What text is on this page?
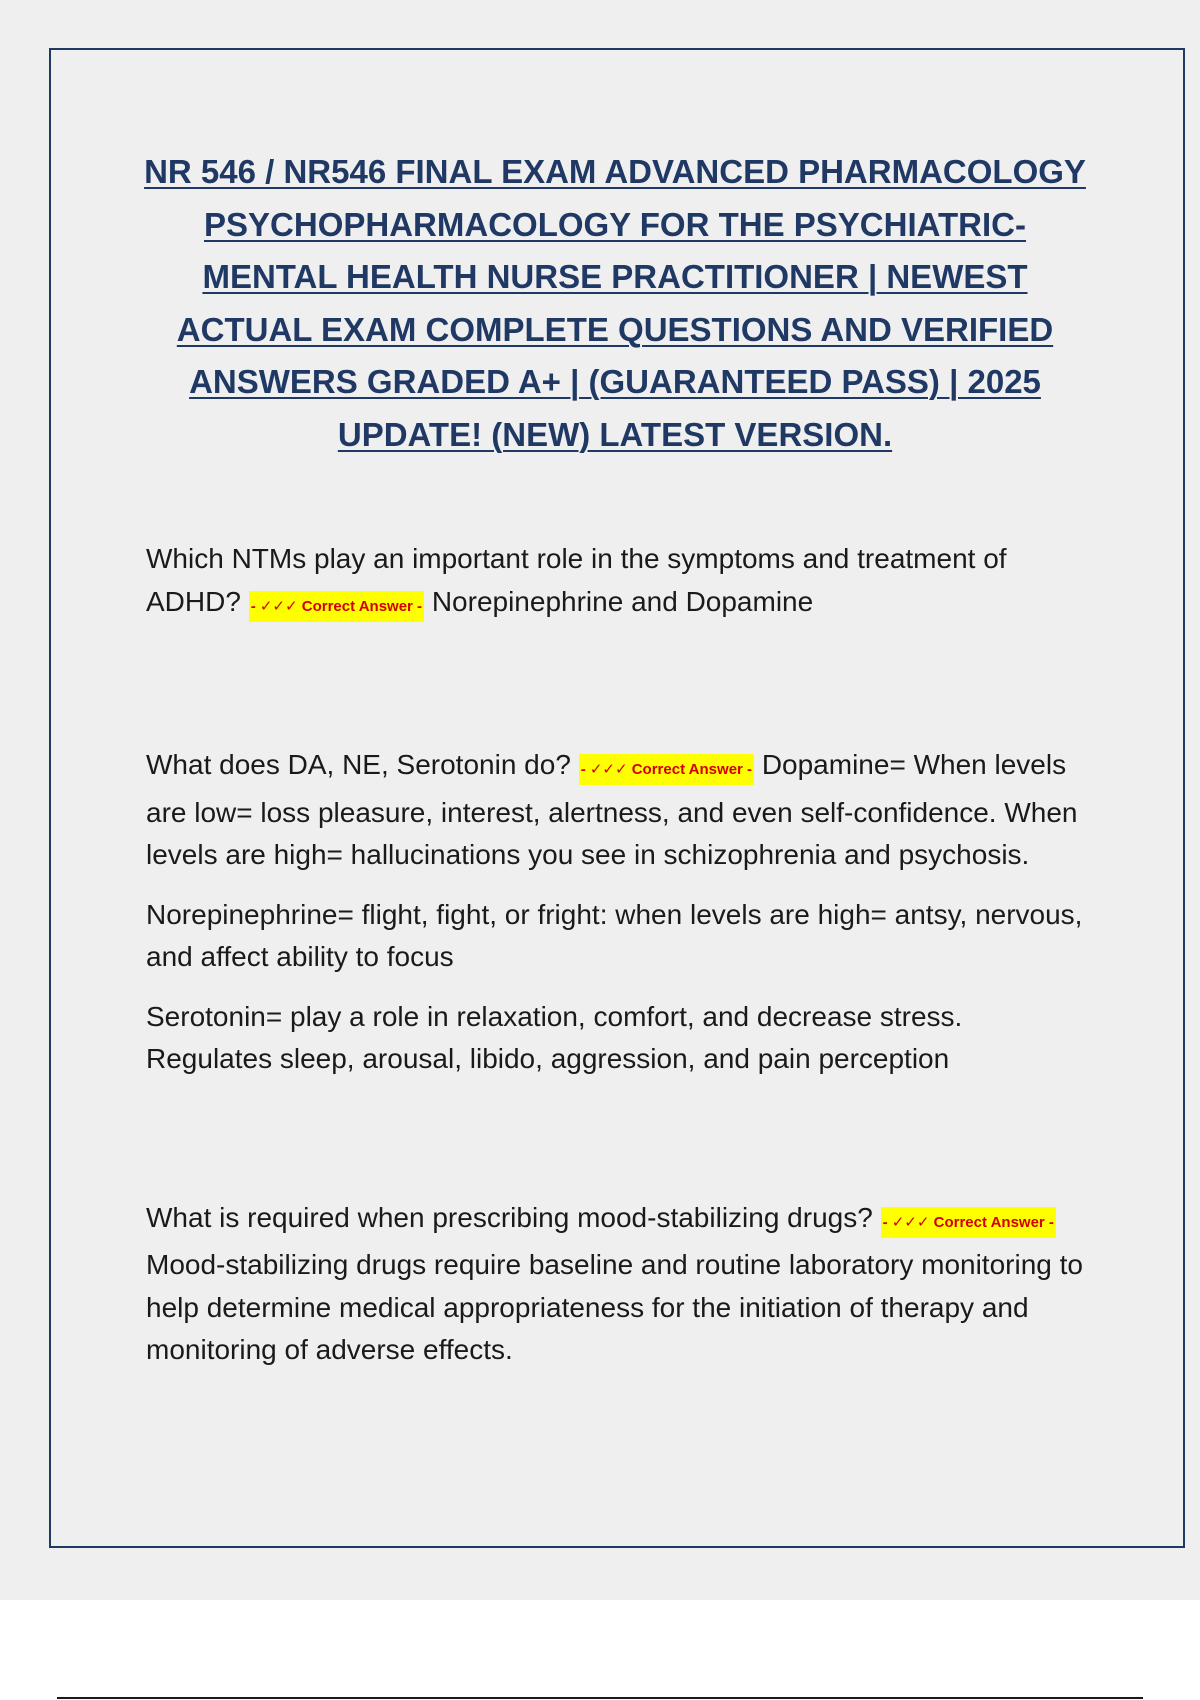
NR 546 / NR546 FINAL EXAM ADVANCED PHARMACOLOGY PSYCHOPHARMACOLOGY FOR THE PSYCHIATRIC-MENTAL HEALTH NURSE PRACTITIONER | NEWEST ACTUAL EXAM COMPLETE QUESTIONS AND VERIFIED ANSWERS GRADED A+ | (GUARANTEED PASS) | 2025 UPDATE! (NEW) LATEST VERSION.

Which NTMs play an important role in the symptoms and treatment of ADHD? - ✓✓✓ Correct Answer - Norepinephrine and Dopamine

What does DA, NE, Serotonin do? - ✓✓✓ Correct Answer - Dopamine= When levels are low= loss pleasure, interest, alertness, and even self-confidence. When levels are high= hallucinations you see in schizophrenia and psychosis.

Norepinephrine= flight, fight, or fright: when levels are high= antsy, nervous, and affect ability to focus

Serotonin= play a role in relaxation, comfort, and decrease stress. Regulates sleep, arousal, libido, aggression, and pain perception

What is required when prescribing mood-stabilizing drugs? - ✓✓✓ Correct Answer - Mood-stabilizing drugs require baseline and routine laboratory monitoring to help determine medical appropriateness for the initiation of therapy and monitoring of adverse effects.
